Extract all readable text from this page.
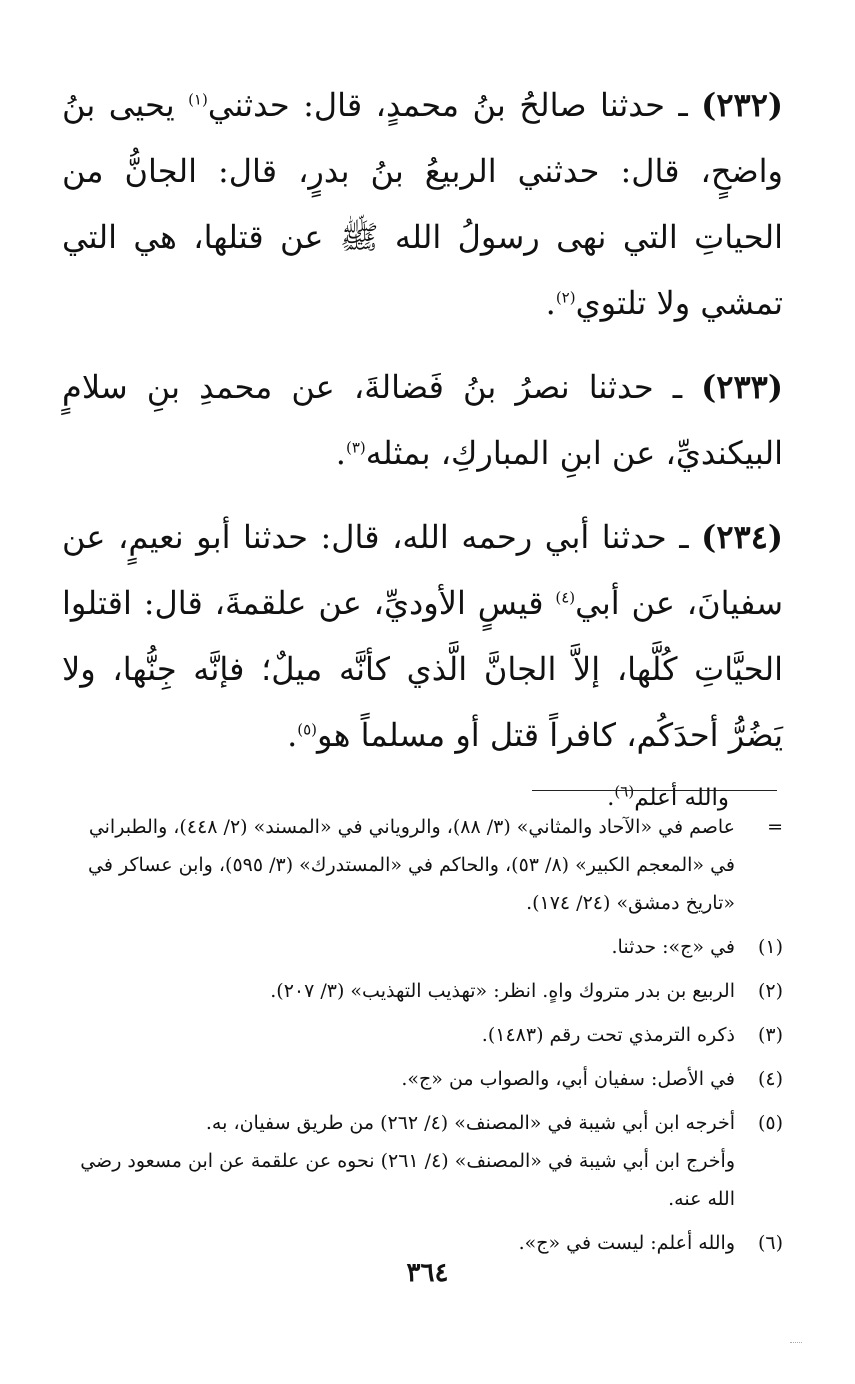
(٢٣٢) ـ حدثنا صالحُ بنُ محمدٍ، قال: حدثني$^{(١)}$ يحيى بنُ واضحٍ، قال: حدثني الربيعُ بنُ بدرٍ، قال: الجانُّ من الحياتِ التي نهى رسولُ الله ﷺ عن قتلها، هي التي تمشي ولا تلتوي$^{(٢)}$.

(٢٣٣) ـ حدثنا نصرُ بنُ فَضالةَ، عن محمدِ بنِ سلامٍ البيكنديِّ، عن ابنِ المباركِ، بمثله$^{(٣)}$.

(٢٣٤) ـ حدثنا أبي رحمه الله، قال: حدثنا أبو نعيمٍ، عن سفيانَ، عن أبي$^{(٤)}$ قيسٍ الأوديِّ، عن علقمةَ، قال: اقتلوا الحيَّاتِ كُلَّها، إلاَّ الجانَّ الَّذي كأنَّه ميلٌ؛ فإنَّه جِنُّها، ولا يَضُرُّ أحدَكُم، كافراً قتل أو مسلماً هو$^{(٥)}$.

والله أعلم$^{(٦)}$.

=
عاصم في «الآحاد والمثاني» (٣/ ٨٨)، والروياني في «المسند» (٢/ ٤٤٨)، والطبراني في «المعجم الكبير» (٨/ ٥٣)، والحاكم في «المستدرك» (٣/ ٥٩٥)، وابن عساكر في «تاريخ دمشق» (٢٤/ ١٧٤).
(١)
في «ج»: حدثنا.
(٢)
الربيع بن بدر متروك واهٍ. انظر: «تهذيب التهذيب» (٣/ ٢٠٧).
(٣)
ذكره الترمذي تحت رقم (١٤٨٣).
(٤)
في الأصل: سفيان أبي، والصواب من «ج».
(٥)
أخرجه ابن أبي شيبة في «المصنف» (٤/ ٢٦٢) من طريق سفيان، به.
وأخرج ابن أبي شيبة في «المصنف» (٤/ ٢٦١) نحوه عن علقمة عن ابن مسعود رضي الله عنه.
(٦)
والله أعلم: ليست في «ج».
٣٦٤
